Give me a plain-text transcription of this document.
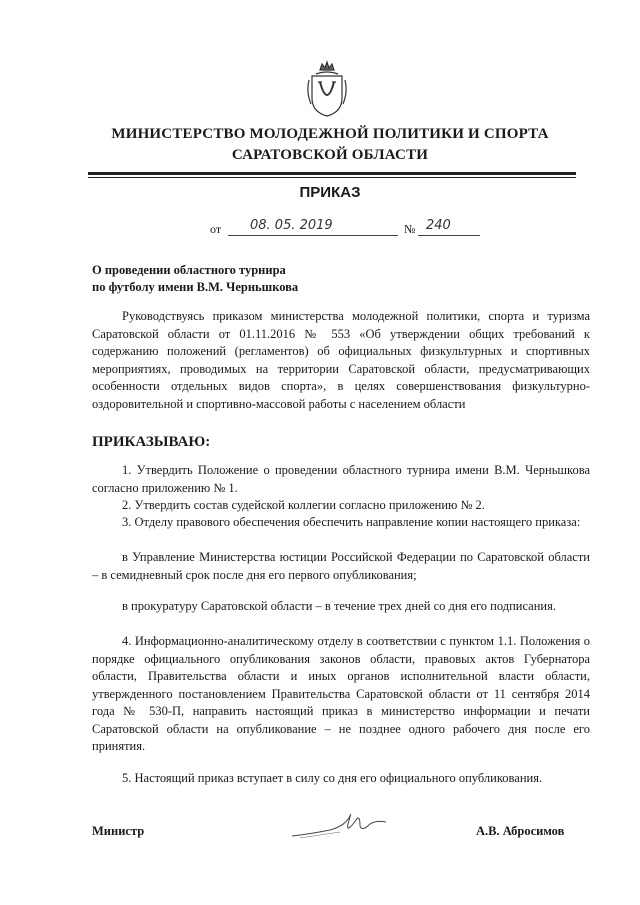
МИНИСТЕРСТВО МОЛОДЕЖНОЙ ПОЛИТИКИ И СПОРТА
САРАТОВСКОЙ ОБЛАСТИ
ПРИКАЗ
от 08. 05. 2019	№ 240
О проведении областного турнира
по футболу имени В.М. Черньшкова
Руководствуясь приказом министерства молодежной политики, спорта и туризма Саратовской области от 01.11.2016 № 553 «Об утверждении общих требований к содержанию положений (регламентов) об официальных физкультурных и спортивных мероприятиях, проводимых на территории Саратовской области, предусматривающих особенности отдельных видов спорта», в целях совершенствования физкультурно-оздоровительной и спортивно-массовой работы с населением области
ПРИКАЗЫВАЮ:
1. Утвердить Положение о проведении областного турнира имени В.М. Черньшкова согласно приложению № 1.
2. Утвердить состав судейской коллегии согласно приложению № 2.
3. Отделу правового обеспечения обеспечить направление копии настоящего приказа:
в Управление Министерства юстиции Российской Федерации по Саратовской области – в семидневный срок после дня его первого опубликования;
в прокуратуру Саратовской области – в течение трех дней со дня его подписания.
4. Информационно-аналитическому отделу в соответствии с пунктом 1.1. Положения о порядке официального опубликования законов области, правовых актов Губернатора области, Правительства области и иных органов исполнительной власти области, утвержденного постановлением Правительства Саратовской области от 11 сентября 2014 года № 530-П, направить настоящий приказ в министерство информации и печати Саратовской области на опубликование – не позднее одного рабочего дня после его принятия.
5. Настоящий приказ вступает в силу со дня его официального опубликования.
Министр	А.В. Абросимов
